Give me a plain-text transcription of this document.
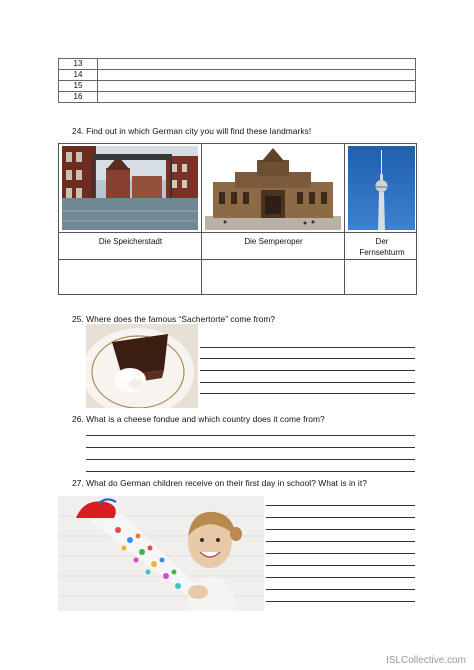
13	
14	
15	
16	
24. Find out in which German city you will find these landmarks!
Die Speicherstadt	Die Semperoper	Der Fernsehturm
25. Where does the famous “Sachertorte” come from?
26. What is a cheese fondue and which country does it come from?
27. What do German children receive on their first day in school? What is in it?
ISLCollective.com
